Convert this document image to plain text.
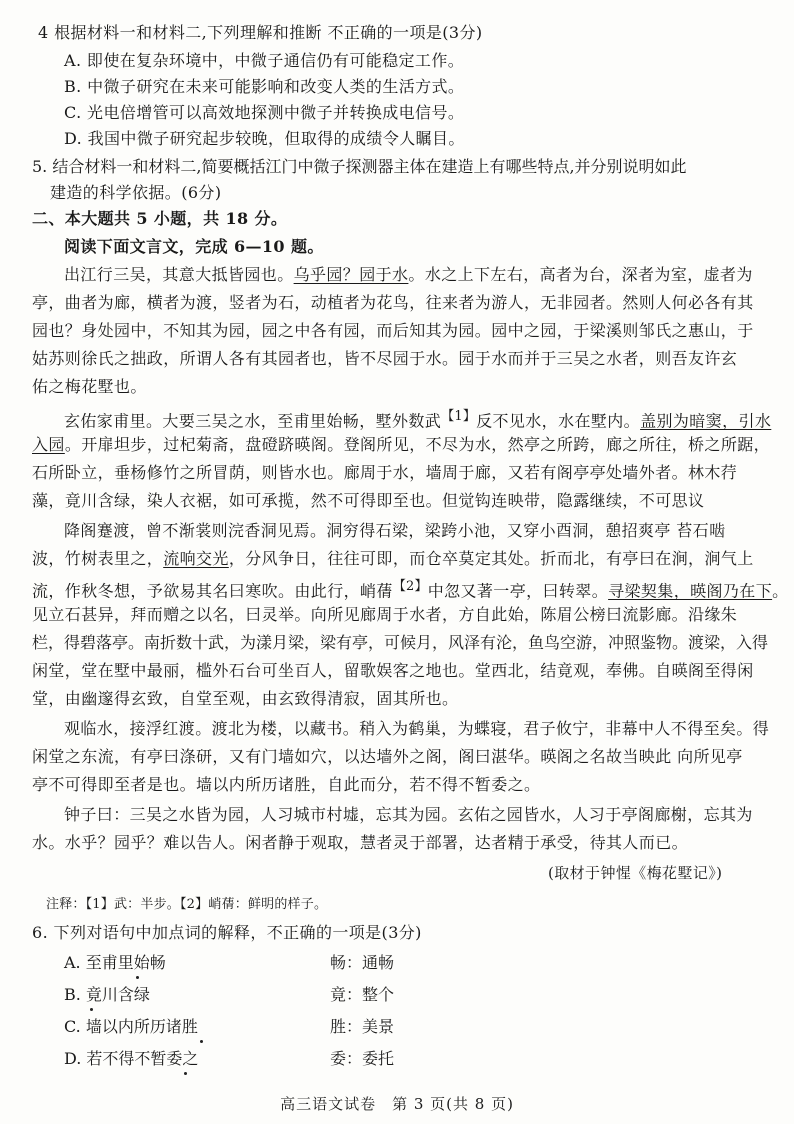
4 根据材料一和材料二,下列理解和推断 不正确的一项是(3分)
A. 即使在复杂环境中，中微子通信仍有可能稳定工作。
B. 中微子研究在未来可能影响和改变人类的生活方式。
C. 光电倍增管可以高效地探测中微子并转换成电信号。
D. 我国中微子研究起步较晚，但取得的成绩令人瞩目。
5. 结合材料一和材料二,简要概括江门中微子探测器主体在建造上有哪些特点,并分别说明如此
建造的科学依据。(6分)
二、本大题共 5 小题，共 18 分。
阅读下面文言文，完成 6—10 题。
出江行三吴，其意大抵皆园也。乌乎园？园于水。水之上下左右，高者为台，深者为室，虚者为
亭，曲者为廊，横者为渡，竖者为石，动植者为花鸟，往来者为游人，无非园者。然则人何必各有其
园也？身处园中，不知其为园，园之中各有园，而后知其为园。园中之园，于梁溪则邹氏之惠山，于
姑苏则徐氏之拙政，所谓人各有其园者也，皆不尽园于水。园于水而并于三吴之水者，则吾友许玄
佑之梅花墅也。
玄佑家甫里。大要三吴之水，至甫里始畅，墅外数武$^{【1】}$反不见水，水在墅内。盖别为暗窦，引水
入园。开扉坦步，过杞菊斋，盘磴跻暎阁。登阁所见，不尽为水，然亭之所跨，廊之所往，桥之所踞，
石所卧立，垂杨修竹之所冒荫，则皆水也。廊周于水，墙周于廊，又若有阁亭亭处墙外者。林木荇
藻，竟川含绿，染人衣裾，如可承揽，然不可得即至也。但觉钩连映带，隐露继续，不可思议
降阁蹇渡，曾不渐裳则浣香洞见焉。洞穷得石梁，梁跨小池，又穿小酉洞，憩招爽亭 苔石啮
波，竹树表里之，流响交光，分风争日，往往可即，而仓卒莫定其处。折而北，有亭曰在涧，涧气上
流，作秋冬想，予欲易其名曰寒吹。由此行，峭蒨$^{【2】}$中忽又著一亭，曰转翠。寻梁契集，暎阁乃在下。
见立石甚异，拜而赠之以名，曰灵举。向所见廊周于水者，方自此始，陈眉公榜曰流影廊。沿缘朱
栏，得碧落亭。南折数十武，为漾月梁，梁有亭，可候月，风泽有沦，鱼鸟空游，冲照鉴物。渡梁，入得
闲堂，堂在墅中最丽，槛外石台可坐百人，留歌娱客之地也。堂西北，结竟观，奉佛。自暎阁至得闲
堂，由幽邃得玄致，自堂至观，由玄致得清寂，固其所也。
观临水，接浮红渡。渡北为楼，以藏书。稍入为鹤巢，为蝶寝，君子攸宁，非幕中人不得至矣。得
闲堂之东流，有亭曰涤研，又有门墙如穴，以达墙外之阁，阁曰湛华。暎阁之名故当映此 向所见亭
亭不可得即至者是也。墙以内所历诸胜，自此而分，若不得不暂委之。
钟子曰：三吴之水皆为园，人习城市村墟，忘其为园。玄佑之园皆水，人习于亭阁廊榭，忘其为
水。水乎？园乎？难以告人。闲者静于观取，慧者灵于部署，达者精于承受，待其人而已。
(取材于钟惺《梅花墅记》)
注释：【1】武：半步。【2】峭蒨：鲜明的样子。
6. 下列对语句中加点词的解释，不正确的一项是(3分)
A. 至甫里始畅	畅：通畅
B. 竟川含绿	竟：整个
C. 墙以内所历诸胜	胜：美景
D. 若不得不暂委之	委：委托
高三语文试卷　第 3 页(共 8 页)
